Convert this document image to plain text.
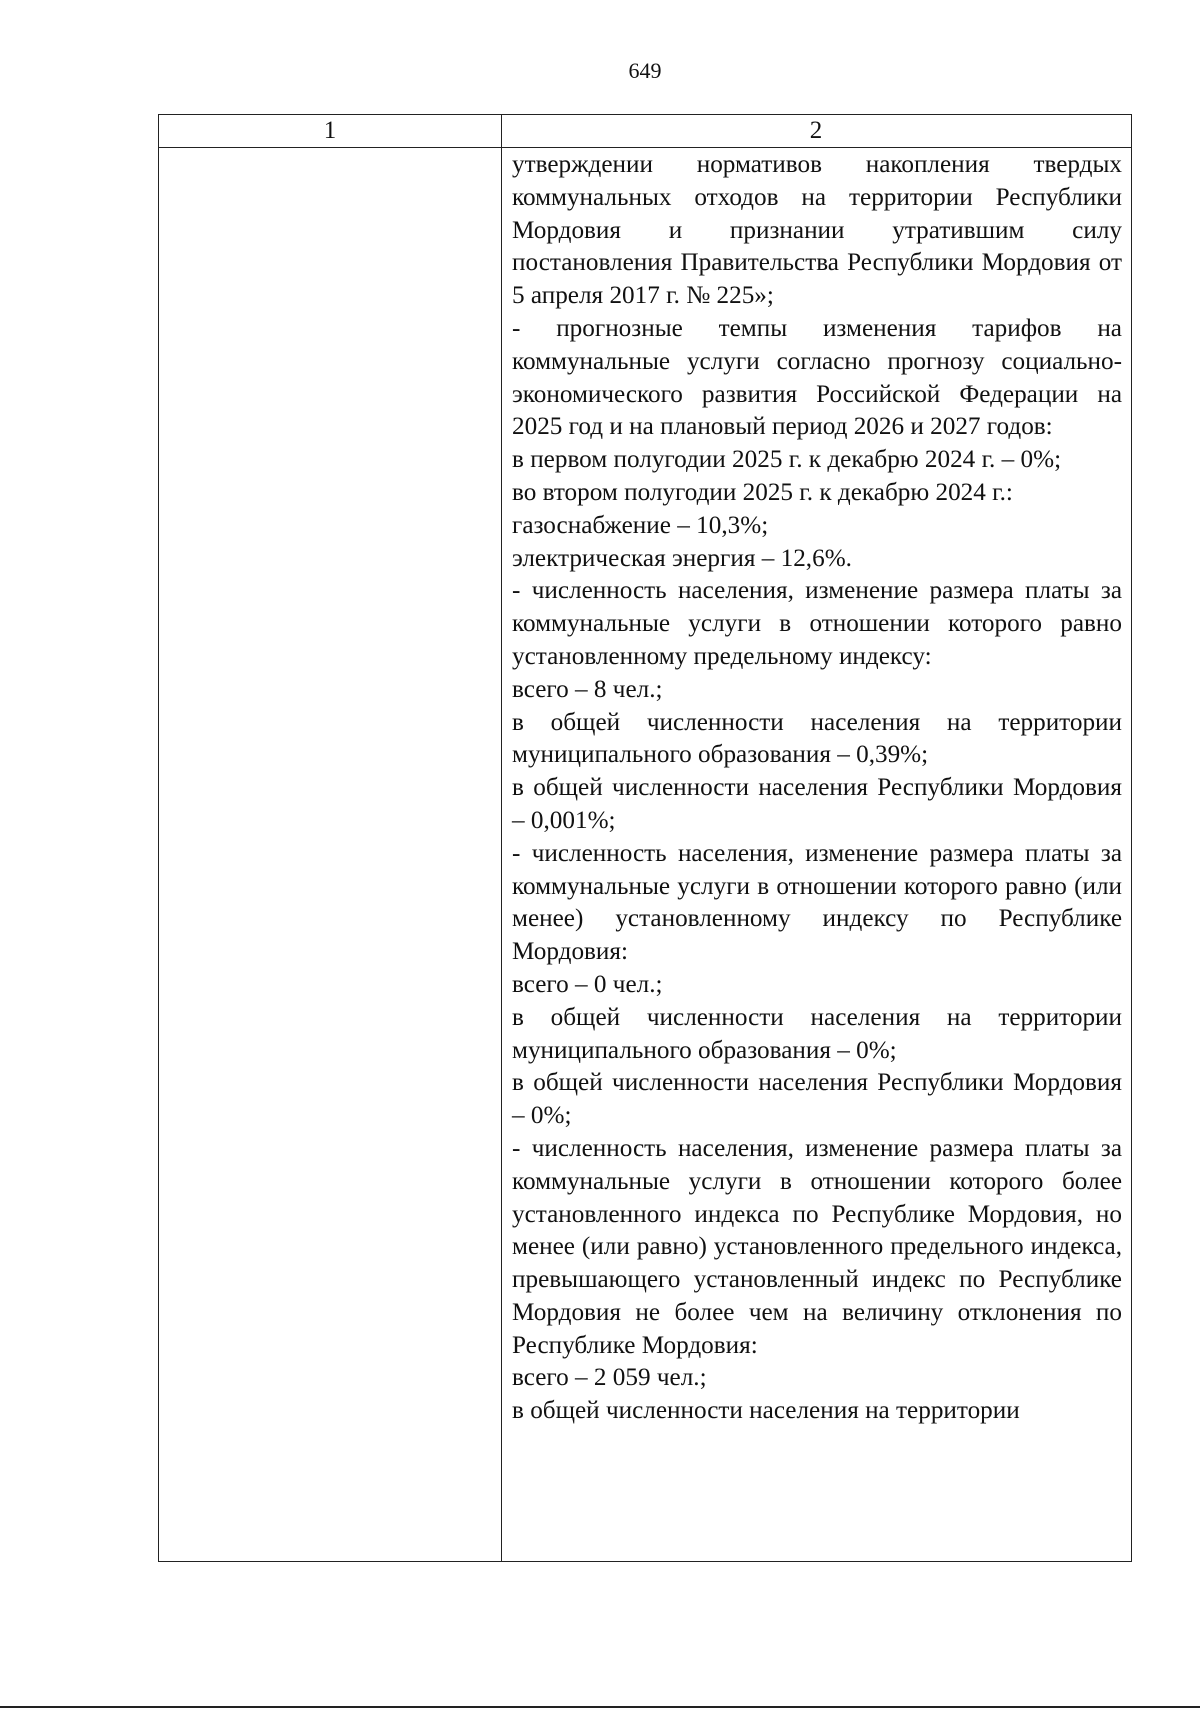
649
1	2
утверждении нормативов накопления твердых коммунальных отходов на территории Республики Мордовия и признании утратившим силу постановления Правительства Республики Мордовия от 5 апреля 2017 г. № 225»;
- прогнозные темпы изменения тарифов на коммунальные услуги согласно прогнозу социально-экономического развития Российской Федерации на 2025 год и на плановый период 2026 и 2027 годов:
в первом полугодии 2025 г. к декабрю 2024 г. – 0%;
во втором полугодии 2025 г. к декабрю 2024 г.:
газоснабжение – 10,3%;
электрическая энергия – 12,6%.
- численность населения, изменение размера платы за коммунальные услуги в отношении которого равно установленному предельному индексу:
всего – 8 чел.;
в общей численности населения на территории муниципального образования – 0,39%;
в общей численности населения Республики Мордовия – 0,001%;
- численность населения, изменение размера платы за коммунальные услуги в отношении которого равно (или менее) установленному индексу по Республике Мордовия:
всего – 0 чел.;
в общей численности населения на территории муниципального образования – 0%;
в общей численности населения Республики Мордовия – 0%;
- численность населения, изменение размера платы за коммунальные услуги в отношении которого более установленного индекса по Республике Мордовия, но менее (или равно) установленного предельного индекса, превышающего установленный индекс по Республике Мордовия не более чем на величину отклонения по Республике Мордовия:
всего – 2 059 чел.;
в общей численности населения на территории
